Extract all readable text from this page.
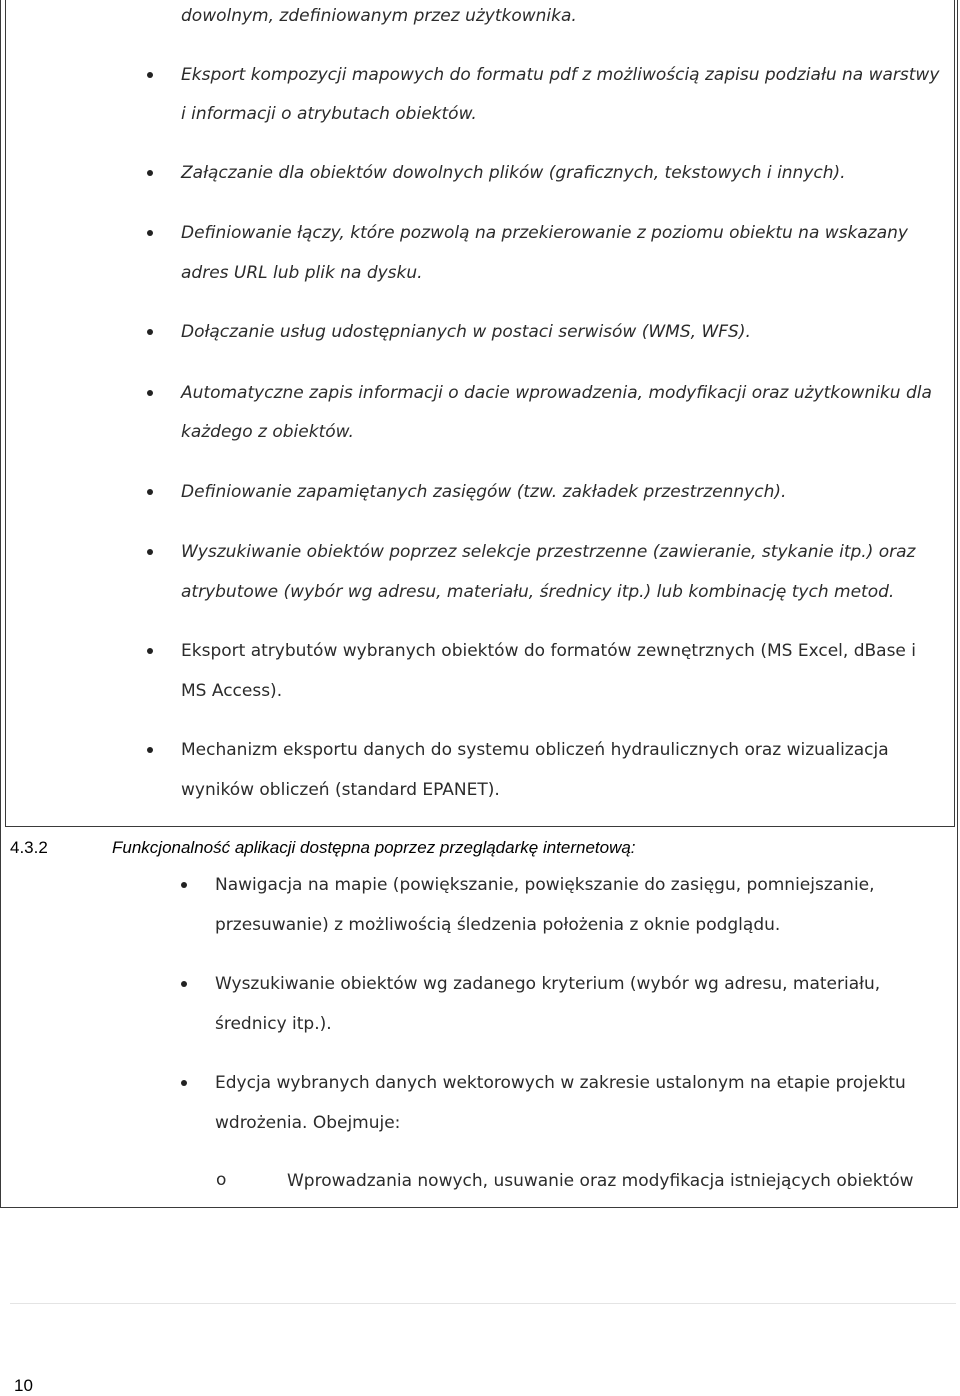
dowolnym, zdefiniowanym przez użytkownika.
Eksport kompozycji mapowych do formatu pdf z możliwością zapisu podziału na warstwy
i informacji o atrybutach obiektów.
Załączanie dla obiektów dowolnych plików (graficznych, tekstowych i innych).
Definiowanie łączy, które pozwolą na przekierowanie z poziomu obiektu na wskazany
adres URL lub plik na dysku.
Dołączanie usług udostępnianych w postaci serwisów (WMS, WFS).
Automatyczne zapis informacji o dacie wprowadzenia, modyfikacji oraz użytkowniku dla
każdego z obiektów.
Definiowanie zapamiętanych zasięgów (tzw. zakładek przestrzennych).
Wyszukiwanie obiektów poprzez selekcje przestrzenne (zawieranie, stykanie itp.) oraz
atrybutowe (wybór wg adresu, materiału, średnicy itp.) lub kombinację tych metod.
Eksport atrybutów wybranych obiektów do formatów zewnętrznych (MS Excel, dBase i
MS Access).
Mechanizm eksportu danych do systemu obliczeń hydraulicznych oraz wizualizacja
wyników obliczeń (standard EPANET).
4.3.2	Funkcjonalność aplikacji dostępna poprzez przeglądarkę internetową:
Nawigacja na mapie (powiększanie, powiększanie do zasięgu, pomniejszanie,
przesuwanie) z możliwością śledzenia położenia z oknie podglądu.
Wyszukiwanie obiektów wg zadanego kryterium (wybór wg adresu, materiału,
średnicy itp.).
Edycja wybranych danych wektorowych w zakresie ustalonym na etapie projektu
wdrożenia. Obejmuje:
o	Wprowadzania nowych, usuwanie oraz modyfikacja istniejących obiektów
10
